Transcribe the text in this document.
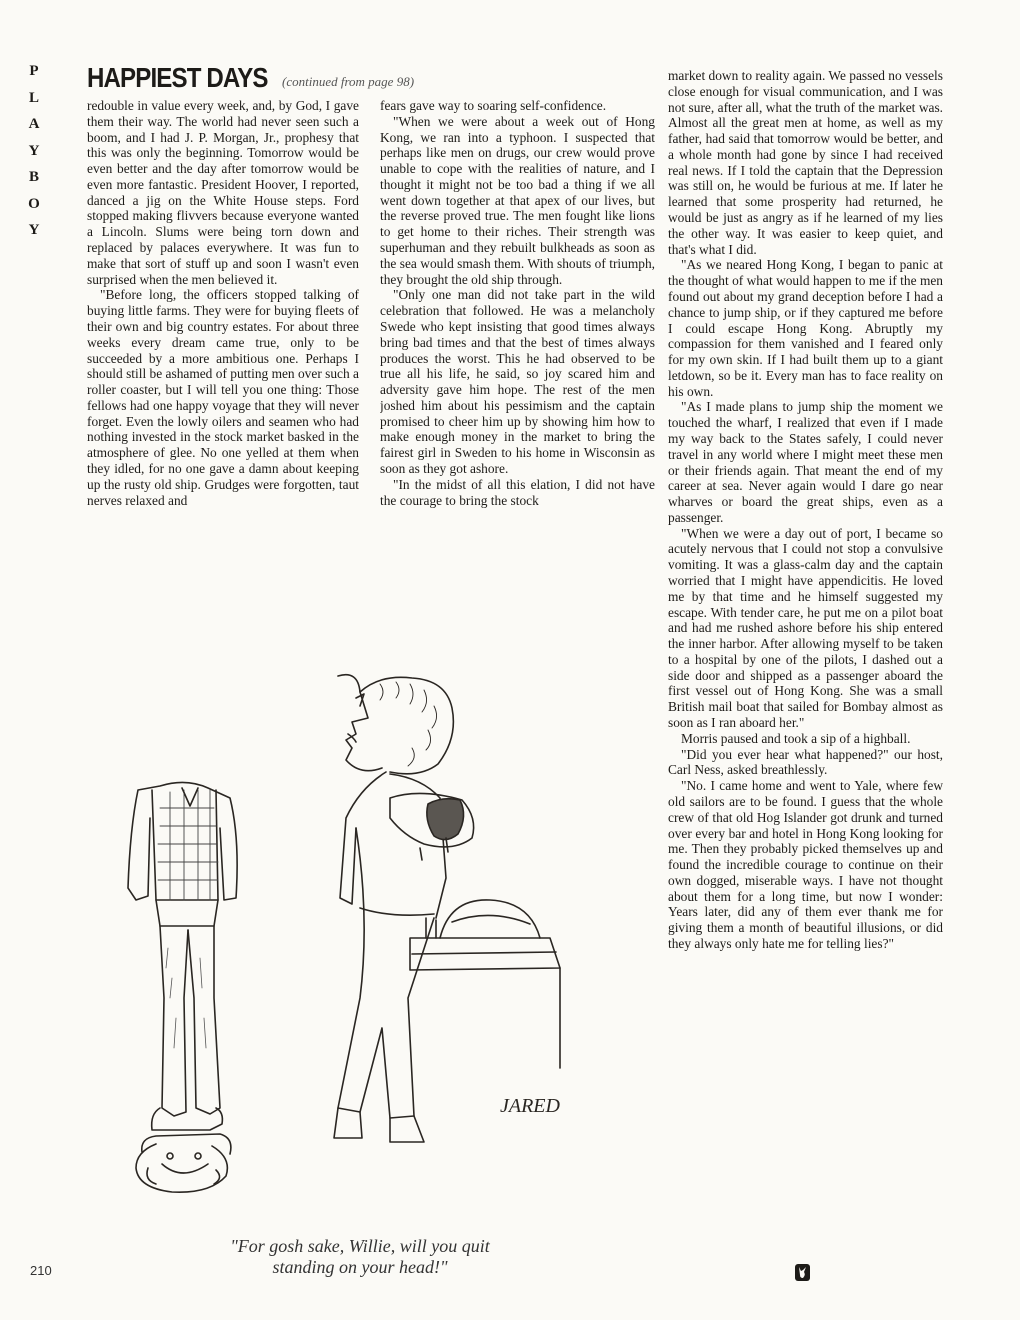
P
L
A
Y
B
O
Y
HAPPIEST DAYS (continued from page 98)

redouble in value every week, and, by God, I gave them their way. The world had never seen such a boom, and I had J. P. Morgan, Jr., prophesy that this was only the beginning. Tomorrow would be even better and the day after tomorrow would be even more fantastic. President Hoover, I reported, danced a jig on the White House steps. Ford stopped making flivvers because everyone wanted a Lincoln. Slums were being torn down and replaced by palaces everywhere. It was fun to make that sort of stuff up and soon I wasn't even surprised when the men believed it.

"Before long, the officers stopped talking of buying little farms. They were for buying fleets of their own and big country estates. For about three weeks every dream came true, only to be succeeded by a more ambitious one. Perhaps I should still be ashamed of putting men over such a roller coaster, but I will tell you one thing: Those fellows had one happy voyage that they will never forget. Even the lowly oilers and seamen who had nothing invested in the stock market basked in the atmosphere of glee. No one yelled at them when they idled, for no one gave a damn about keeping up the rusty old ship. Grudges were forgotten, taut nerves relaxed and

fears gave way to soaring self-confidence.

"When we were about a week out of Hong Kong, we ran into a typhoon. I suspected that perhaps like men on drugs, our crew would prove unable to cope with the realities of nature, and I thought it might not be too bad a thing if we all went down together at that apex of our lives, but the reverse proved true. The men fought like lions to get home to their riches. Their strength was superhuman and they rebuilt bulkheads as soon as the sea would smash them. With shouts of triumph, they brought the old ship through.

"Only one man did not take part in the wild celebration that followed. He was a melancholy Swede who kept insisting that good times always bring bad times and that the best of times always produces the worst. This he had observed to be true all his life, he said, so joy scared him and adversity gave him hope. The rest of the men joshed him about his pessimism and the captain promised to cheer him up by showing him how to make enough money in the market to bring the fairest girl in Sweden to his home in Wisconsin as soon as they got ashore.

"In the midst of all this elation, I did not have the courage to bring the stock

market down to reality again. We passed no vessels close enough for visual communication, and I was not sure, after all, what the truth of the market was. Almost all the great men at home, as well as my father, had said that tomorrow would be better, and a whole month had gone by since I had received real news. If I told the captain that the Depression was still on, he would be furious at me. If later he learned that some prosperity had returned, he would be just as angry as if he learned of my lies the other way. It was easier to keep quiet, and that's what I did.

"As we neared Hong Kong, I began to panic at the thought of what would happen to me if the men found out about my grand deception before I had a chance to jump ship, or if they captured me before I could escape Hong Kong. Abruptly my compassion for them vanished and I feared only for my own skin. If I had built them up to a giant letdown, so be it. Every man has to face reality on his own.

"As I made plans to jump ship the moment we touched the wharf, I realized that even if I made my way back to the States safely, I could never travel in any world where I might meet these men or their friends again. That meant the end of my career at sea. Never again would I dare go near wharves or board the great ships, even as a passenger.

"When we were a day out of port, I became so acutely nervous that I could not stop a convulsive vomiting. It was a glass-calm day and the captain worried that I might have appendicitis. He loved me by that time and he himself suggested my escape. With tender care, he put me on a pilot boat and had me rushed ashore before his ship entered the inner harbor. After allowing myself to be taken to a hospital by one of the pilots, I dashed out a side door and shipped as a passenger aboard the first vessel out of Hong Kong. She was a small British mail boat that sailed for Bombay almost as soon as I ran aboard her."

Morris paused and took a sip of a highball.

"Did you ever hear what happened?" our host, Carl Ness, asked breathlessly.

"No. I came home and went to Yale, where few old sailors are to be found. I guess that the whole crew of that old Hog Islander got drunk and turned over every bar and hotel in Hong Kong looking for me. Then they probably picked themselves up and found the incredible courage to continue on their own dogged, miserable ways. I have not thought about them for a long time, but now I wonder: Years later, did any of them ever thank me for giving them a month of beautiful illusions, or did they always only hate me for telling lies?"

JARED
"For gosh sake, Willie, will you quit
standing on your head!"
210
